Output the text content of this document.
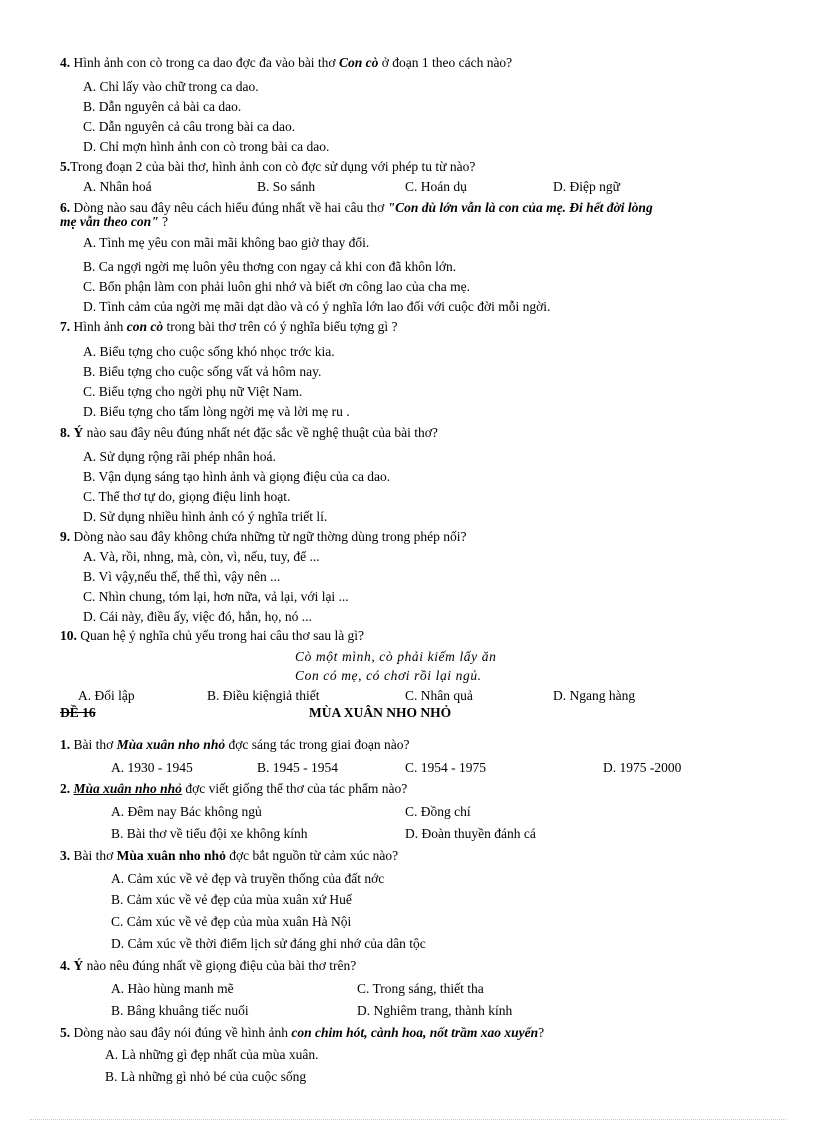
4. Hình ảnh con cò trong ca dao đợc đa vào bài thơ Con cò ở đoạn 1 theo cách nào?
A. Chỉ lấy vào chữ trong ca dao.
B. Dẫn nguyên cả bài ca dao.
C. Dẫn nguyên cả câu trong bài ca dao.
D. Chỉ mợn hình ảnh con cò trong bài ca dao.
5.Trong đoạn 2 của bài thơ, hình ảnh con cò đợc sử dụng với phép tu từ nào?
A. Nhân hoá	B. So sánh	C. Hoán dụ	D. Điệp ngữ
6. Dòng nào sau đây nêu cách hiểu đúng nhất về hai câu thơ "Con dù lớn vẫn là con của mẹ. Đi hết đời lòng
mẹ vẫn theo con" ?
A. Tình mẹ yêu con mãi mãi không bao giờ thay đổi.
B. Ca ngợi ngời mẹ luôn yêu thơng con ngay cả khi con đã khôn lớn.
C. Bổn phận làm con phải luôn ghi nhớ và biết ơn công lao của cha mẹ.
D. Tình cảm của ngời mẹ mãi dạt dào và có ý nghĩa lớn lao đối với cuộc đời mỗi ngời.
7. Hình ảnh con cò trong bài thơ trên có ý nghĩa biểu tợng gì ?
A. Biểu tợng cho cuộc sống khó nhọc trớc kia.
B. Biểu tợng cho cuộc sống vất vả hôm nay.
C. Biểu tợng cho ngời phụ nữ Việt Nam.
D. Biểu tợng cho tấm lòng ngời mẹ và lời mẹ ru .
8. Ý nào sau đây nêu đúng nhất nét đặc sắc về nghệ thuật của bài thơ?
A. Sử dụng rộng rãi phép nhân hoá.
B. Vận dụng sáng tạo hình ảnh và giọng điệu của ca dao.
C. Thể thơ tự do, giọng điệu linh hoạt.
D. Sử dụng nhiều hình ảnh có ý nghĩa triết lí.
9. Dòng nào sau đây không chứa những từ ngữ thờng dùng trong phép nối?
A. Và, rồi, nhng, mà, còn, vì, nếu, tuy, để ...
B. Vì vậy,nếu thế, thế thì, vậy nên ...
C. Nhìn chung, tóm lại, hơn nữa, vả lại, với lại ...
D. Cái này, điều ấy, việc đó, hắn, họ, nó ...
10. Quan hệ ý nghĩa chủ yếu trong hai câu thơ sau là gì?
Cò một mình, cò phải kiếm lấy ăn
Con có mẹ, có chơi rồi lại ngủ.
A. Đối lập	B. Điều kiệngiả thiết	C. Nhân quả	D. Ngang hàng
ĐỀ 16	MÙA XUÂN NHO NHỎ
1. Bài thơ Mùa xuân nho nhỏ đợc sáng tác trong giai đoạn nào?
A. 1930 - 1945	B. 1945 - 1954	C. 1954 - 1975	D. 1975 -2000
2. Mùa xuân nho nhỏ đợc viết giống thể thơ của tác phẩm nào?
A. Đêm nay Bác không ngủ	C. Đồng chí
B. Bài thơ về tiểu đội xe không kính	D. Đoàn thuyền đánh cá
3. Bài thơ Mùa xuân nho nhỏ đợc bắt nguồn từ cảm xúc nào?
A. Cảm xúc về vẻ đẹp và truyền thống của đất nớc
B. Cảm xúc về vẻ đẹp của mùa xuân xứ Huế
C. Cảm xúc về vẻ đẹp của mùa xuân Hà Nội
D. Cảm xúc về thời điểm lịch sử đáng ghi nhớ của dân tộc
4. Ý nào nêu đúng nhất về giọng điệu của bài thơ trên?
A. Hào hùng manh mẽ	C. Trong sáng, thiết tha
B. Bâng khuâng tiếc nuối	D. Nghiêm trang, thành kính
5. Dòng nào sau đây nói đúng về hình ảnh con chim hót, cành hoa, nốt trầm xao xuyến?
A. Là những gì đẹp nhất của mùa xuân.
B. Là những gì nhỏ bé của cuộc sống
